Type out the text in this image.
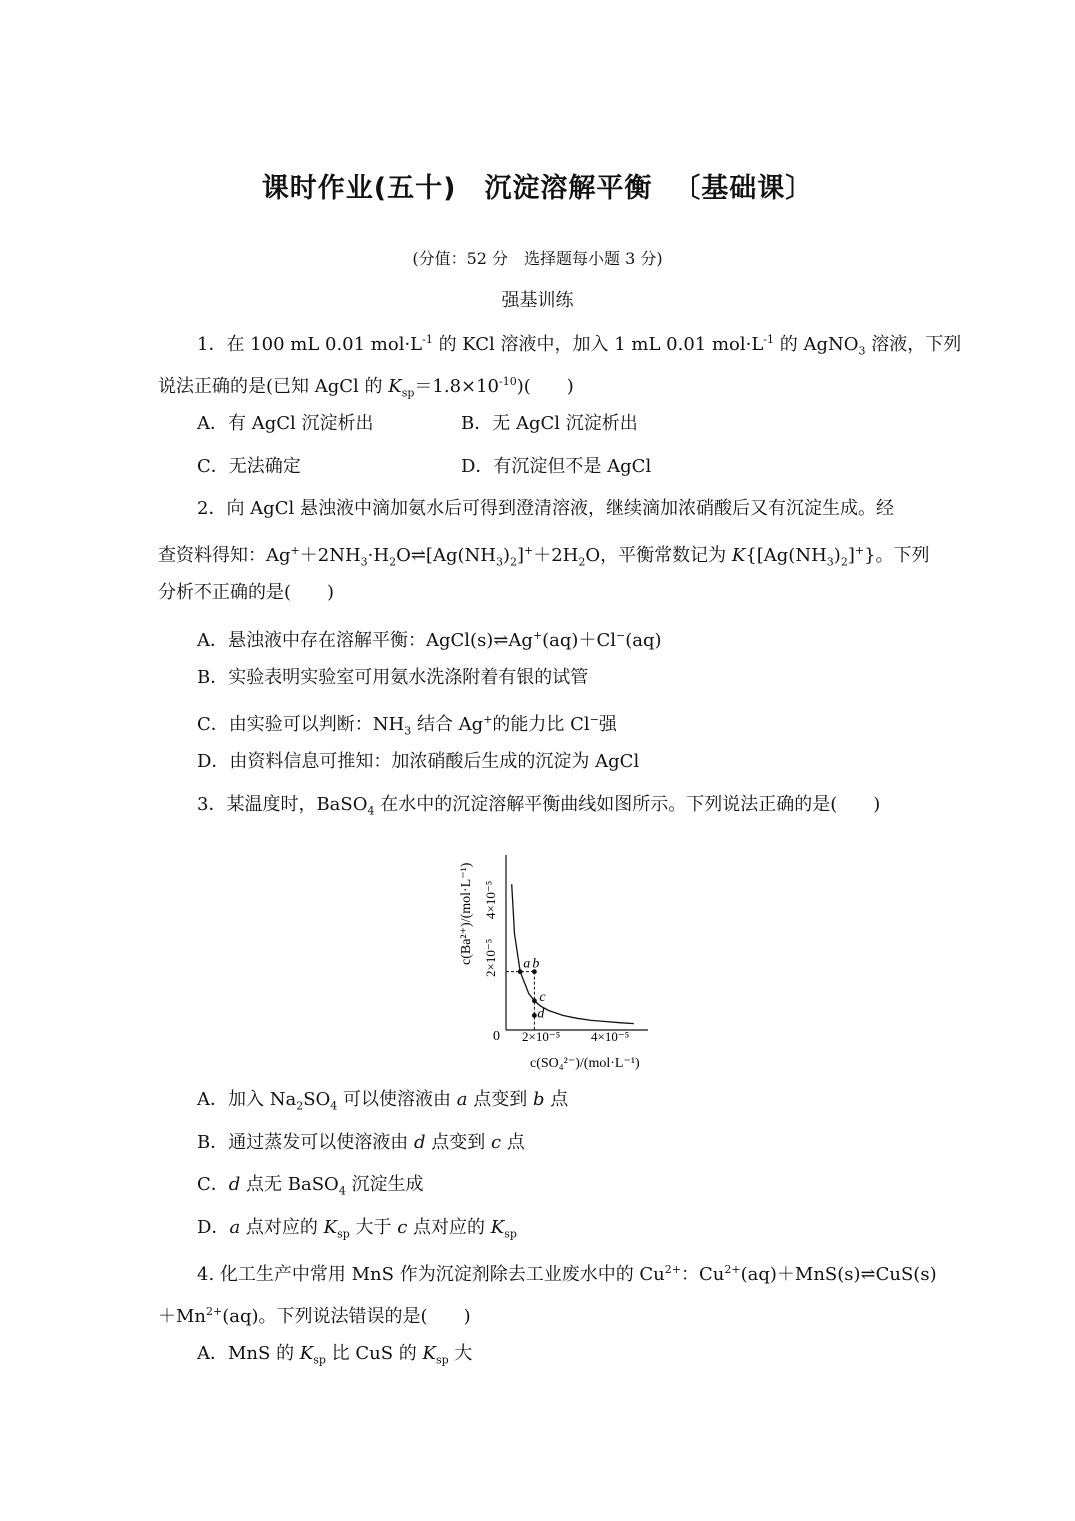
课时作业(五十) 沉淀溶解平衡 〔基础课〕
(分值：52 分　选择题每小题 3 分)
强基训练
1．在 100 mL 0.01 $mol\cdot L^{-1}$ 的 KCl 溶液中，加入 1 mL 0.01 $mol\cdot L^{-1}$ 的 AgNO$_3$ 溶液，下列
说法正确的是(已知 AgCl 的 $K_{sp}=1.8\times 10^{-10}$)(　　)
A．有 AgCl 沉淀析出	B．无 AgCl 沉淀析出
C．无法确定	D．有沉淀但不是 AgCl
2．向 AgCl 悬浊液中滴加氨水后可得到澄清溶液，继续滴加浓硝酸后又有沉淀生成。经
查资料得知：$Ag^++2NH_3\cdot H_2O\rightleftharpoons[Ag(NH_3)_2]^++2H_2O$，平衡常数记为 $K\{[Ag(NH_3)_2]^+\}$。下列
分析不正确的是(　　)
A．悬浊液中存在溶解平衡：AgCl(s)⇌Ag+(aq)＋Cl−(aq)
B．实验表明实验室可用氨水洗涤附着有银的试管
C．由实验可以判断：$NH_3$ 结合 Ag+的能力比 Cl−强
D．由资料信息可推知：加浓硝酸后生成的沉淀为 AgCl
3．某温度时，BaSO$_4$ 在水中的沉淀溶解平衡曲线如图所示。下列说法正确的是(　　)
a b
c
d
0 2×10⁻⁵ 4×10⁻⁵
2×10⁻⁵
4×10⁻⁵
c(Ba²⁺)/(mol·L⁻¹)
c(SO₄²⁻)/(mol·L⁻¹)
A．加入 $Na_2SO_4$ 可以使溶液由 a 点变到 b 点
B．通过蒸发可以使溶液由 d 点变到 c 点
C．d 点无 BaSO$_4$ 沉淀生成
D．a 点对应的 $K_{sp}$ 大于 c 点对应的 $K_{sp}$
4. 化工生产中常用 MnS 作为沉淀剂除去工业废水中的 $Cu^{2+}$：$Cu^{2+}(aq)+MnS(s)\rightleftharpoons CuS(s)$
$+Mn^{2+}(aq)$。下列说法错误的是(　　)
A．MnS 的 $K_{sp}$ 比 CuS 的 $K_{sp}$ 大
